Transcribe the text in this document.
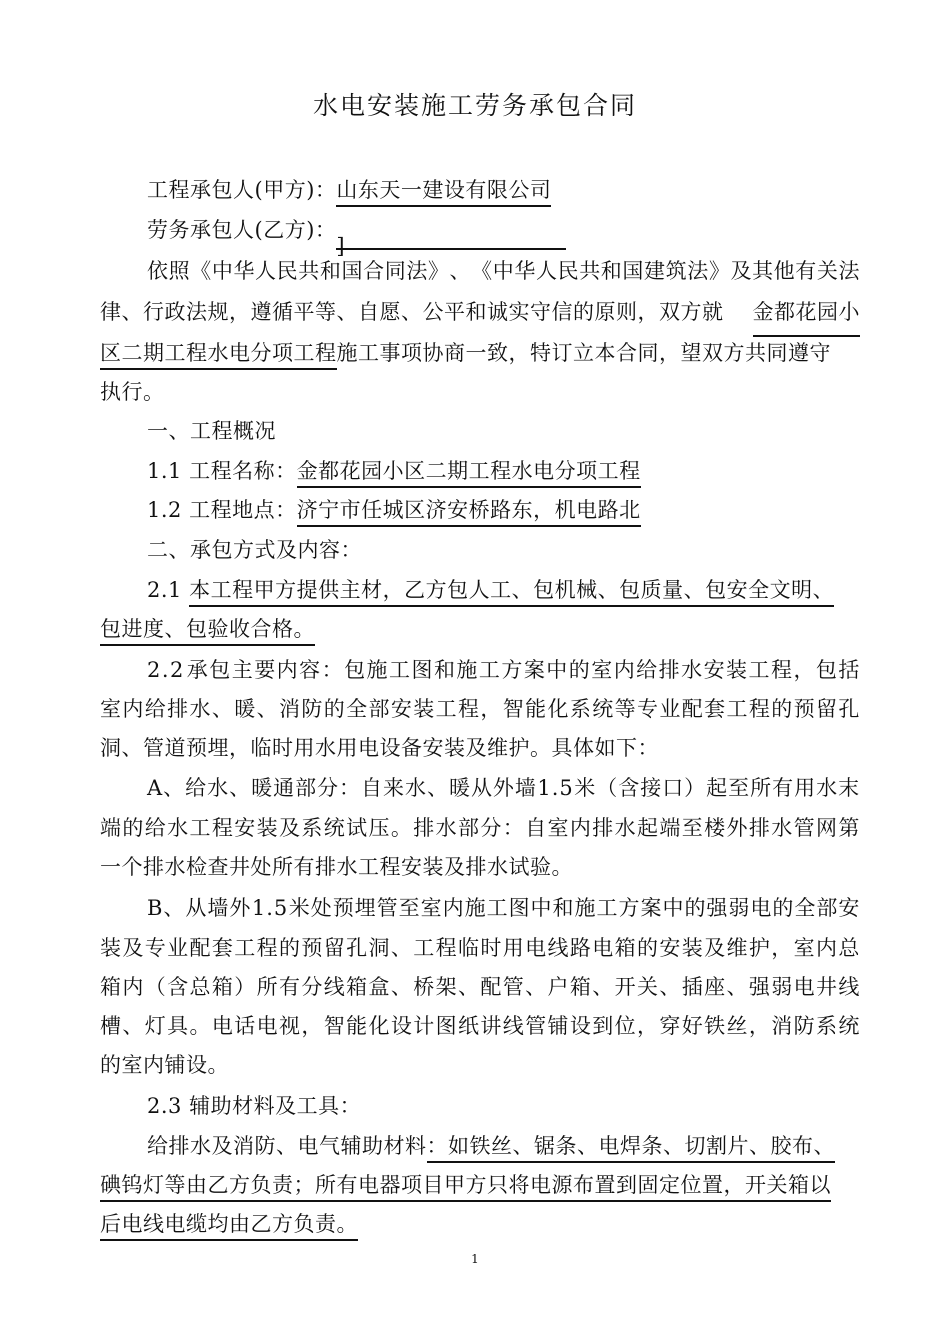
水电安装施工劳务承包合同
工程承包人(甲方)：山东天一建设有限公司
劳务承包人(乙方)：]
依 照 《 中 华 人 民 共 和 国 合 同 法 》 、 《 中 华 人 民 共 和 国 建 筑 法 》 及 其 他 有 关 法
律、行政法规，遵循平等、自愿、公平和诚实守信的原则，双方就 金都花园小
区二期工程水电分项工程施工事项协商一致，特订立本合同，望双方共同遵守
执行。
一、工程概况
1.1 工程名称：金都花园小区二期工程水电分项工程
1.2 工程地点：济宁市任城区济安桥路东，机电路北
二、承包方式及内容：
2.1 本工程甲方提供主材，乙方包人工、包机械、包质量、包安全文明、
包进度、包验收合格。
2 . 2 承 包 主 要 内 容 ： 包 施 工 图 和 施 工 方 案 中 的 室 内 给 排 水 安 装 工 程 ， 包 括
室 内 给 排 水 、 暖 、 消 防 的 全 部 安 装 工 程 ， 智 能 化 系 统 等 专 业 配 套 工 程 的 预 留 孔
洞、管道预埋，临时用水用电设备安装及维护。具体如下：
A 、 给 水 、 暖 通 部 分 ： 自 来 水 、 暖 从 外 墙 1 . 5 米 （ 含 接 口 ） 起 至 所 有 用 水 末
端 的 给 水 工 程 安 装 及 系 统 试 压 。 排 水 部 分 ： 自 室 内 排 水 起 端 至 楼 外 排 水 管 网 第
一个排水检查井处所有排水工程安装及排水试验。
B 、 从 墙 外 1 . 5 米 处 预 埋 管 至 室 内 施 工 图 中 和 施 工 方 案 中 的 强 弱 电 的 全 部 安
装 及 专 业 配 套 工 程 的 预 留 孔 洞 、 工 程 临 时 用 电 线 路 电 箱 的 安 装 及 维 护 ， 室 内 总
箱 内 （ 含 总 箱 ） 所 有 分 线 箱 盒 、 桥 架 、 配 管 、 户 箱 、 开 关 、 插 座 、 强 弱 电 井 线
槽 、 灯 具 。 电 话 电 视 ， 智 能 化 设 计 图 纸 讲 线 管 铺 设 到 位 ， 穿 好 铁 丝 ， 消 防 系 统
的室内铺设。
2.3 辅助材料及工具：
给排水及消防、电气辅助材料：如铁丝、锯条、电焊条、切割片、胶布、
碘钨灯等由乙方负责；所有电器项目甲方只将电源布置到固定位置，开关箱以
后电线电缆均由乙方负责。
1
